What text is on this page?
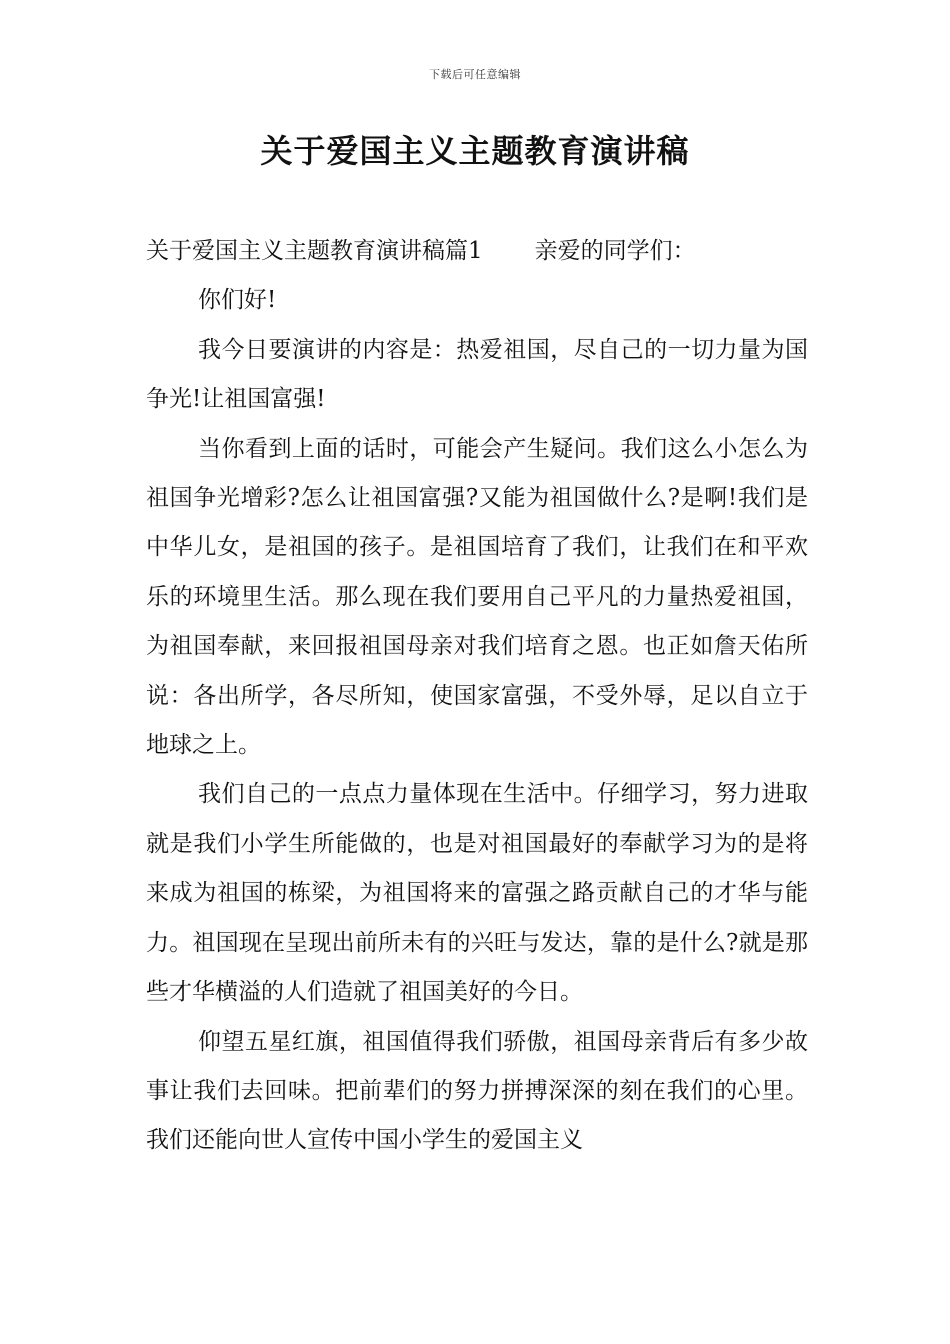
下载后可任意编辑
关于爱国主义主题教育演讲稿

关于爱国主义主题教育演讲稿篇1 亲爱的同学们：

你们好!

我今日要演讲的内容是：热爱祖国，尽自己的一切力量为国争光!让祖国富强!

当你看到上面的话时，可能会产生疑问。我们这么小怎么为祖国争光增彩?怎么让祖国富强?又能为祖国做什么?是啊!我们是中华儿女，是祖国的孩子。是祖国培育了我们，让我们在和平欢乐的环境里生活。那么现在我们要用自己平凡的力量热爱祖国，为祖国奉献，来回报祖国母亲对我们培育之恩。也正如詹天佑所说：各出所学，各尽所知，使国家富强，不受外辱，足以自立于地球之上。

我们自己的一点点力量体现在生活中。仔细学习，努力进取就是我们小学生所能做的，也是对祖国最好的奉献学习为的是将来成为祖国的栋梁，为祖国将来的富强之路贡献自己的才华与能力。祖国现在呈现出前所未有的兴旺与发达，靠的是什么?就是那些才华横溢的人们造就了祖国美好的今日。

仰望五星红旗，祖国值得我们骄傲，祖国母亲背后有多少故事让我们去回味。把前辈们的努力拼搏深深的刻在我们的心里。我们还能向世人宣传中国小学生的爱国主义
